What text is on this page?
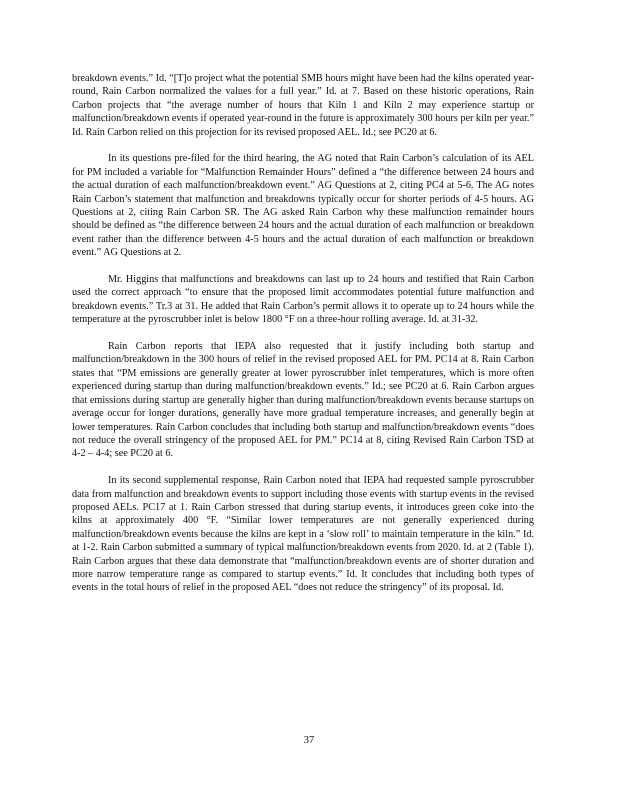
breakdown events.” Id. “[T]o project what the potential SMB hours might have been had the kilns operated year-round, Rain Carbon normalized the values for a full year.” Id. at 7. Based on these historic operations, Rain Carbon projects that “the average number of hours that Kiln 1 and Kiln 2 may experience startup or malfunction/breakdown events if operated year-round in the future is approximately 300 hours per kiln per year.” Id. Rain Carbon relied on this projection for its revised proposed AEL. Id.; see PC20 at 6.

In its questions pre-filed for the third hearing, the AG noted that Rain Carbon’s calculation of its AEL for PM included a variable for “Malfunction Remainder Hours” defined a “the difference between 24 hours and the actual duration of each malfunction/breakdown event.” AG Questions at 2, citing PC4 at 5-6. The AG notes Rain Carbon’s statement that malfunction and breakdowns typically occur for shorter periods of 4-5 hours. AG Questions at 2, citing Rain Carbon SR. The AG asked Rain Carbon why these malfunction remainder hours should be defined as “the difference between 24 hours and the actual duration of each malfunction or breakdown event rather than the difference between 4-5 hours and the actual duration of each malfunction or breakdown event.” AG Questions at 2.

Mr. Higgins that malfunctions and breakdowns can last up to 24 hours and testified that Rain Carbon used the correct approach “to ensure that the proposed limit accommodates potential future malfunction and breakdown events.” Tr.3 at 31. He added that Rain Carbon’s permit allows it to operate up to 24 hours while the temperature at the pyroscrubber inlet is below 1800 °F on a three-hour rolling average. Id. at 31-32.

Rain Carbon reports that IEPA also requested that it justify including both startup and malfunction/breakdown in the 300 hours of relief in the revised proposed AEL for PM. PC14 at 8. Rain Carbon states that “PM emissions are generally greater at lower pyroscrubber inlet temperatures, which is more often experienced during startup than during malfunction/breakdown events.” Id.; see PC20 at 6. Rain Carbon argues that emissions during startup are generally higher than during malfunction/breakdown events because startups on average occur for longer durations, generally have more gradual temperature increases, and generally begin at lower temperatures. Rain Carbon concludes that including both startup and malfunction/breakdown events “does not reduce the overall stringency of the proposed AEL for PM.” PC14 at 8, citing Revised Rain Carbon TSD at 4-2 – 4-4; see PC20 at 6.

In its second supplemental response, Rain Carbon noted that IEPA had requested sample pyroscrubber data from malfunction and breakdown events to support including those events with startup events in the revised proposed AELs. PC17 at 1. Rain Carbon stressed that during startup events, it introduces green coke into the kilns at approximately 400 °F. “Similar lower temperatures are not generally experienced during malfunction/breakdown events because the kilns are kept in a ‘slow roll’ to maintain temperature in the kiln.” Id. at 1-2. Rain Carbon submitted a summary of typical malfunction/breakdown events from 2020. Id. at 2 (Table 1). Rain Carbon argues that these data demonstrate that “malfunction/breakdown events are of shorter duration and more narrow temperature range as compared to startup events.” Id. It concludes that including both types of events in the total hours of relief in the proposed AEL “does not reduce the stringency” of its proposal. Id.

37
